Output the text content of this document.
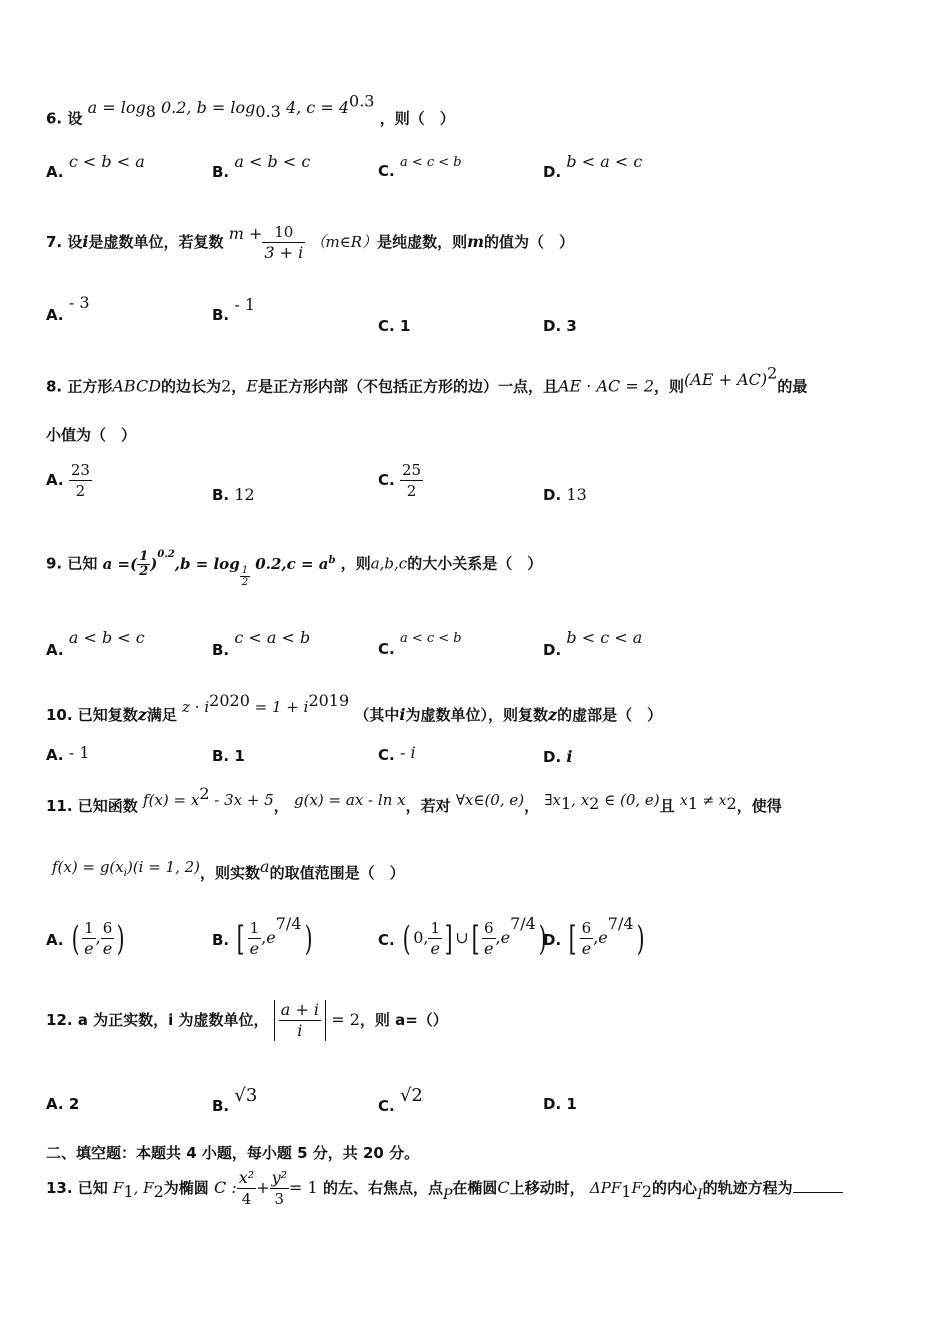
6. 设 $a = \log_8 0.2$, $b = \log_{0.3} 4$, $c = 4^{0.3}$ ，则（　）
A. c < b < a
B. a < b < c	C. a < c < b
D. b < a < c
7. 设i是虚数单位，若复数 $m + \frac{10}{3 + i}$ （m∈R）是纯虚数，则m的值为（　）
A. - 3
B. - 1
C. 1	D. 3
8. 正方形ABCD的边长为2，E是正方形内部（不包括正方形的边）一点，且AE · AC = 2，则(AE + AC)$^2$的最
小值为（　）
A. $\frac{23}{2}$	B. 12
C. $\frac{25}{2}$	D. 13
9. 已知 a =( $\frac{1}{2} )^{0.2},b = \log$
$\frac{1}{2}$
$0.2,c = a^b$ ，则a,b,c的大小关系是（　）
A. a < b < c
B. c < a < b
C. a < c < b
D. b < c < a
10. 已知复数z满足 $z \cdot i^{2020} = 1 + i^{2019}$ （其中i为虚数单位），则复数z的虚部是（　）
A. - 1	B. 1	C. - i	D. i
11. 已知函数 $f(x) = x^2 - 3x + 5$， g(x) = ax - ln x，若对 ∀x∈(0, e)， $\exists x_1$, $x_2$ ∈ (0, e)且 $x_1 \ne x_2$，使得
$f(x) = g(x_i)(i = 1$, 2)，则实数a的取值范围是（　）
A. ( $\frac{1}{e}$ , $\frac{6}{e}$ )	B. [ $\frac{1}{e} ,e^{7/4}$)	C. ( 0, $\frac{1}{e}$ ] ∪[ $\frac{6}{e} ,e^{7/4}$)
D. [ $\frac{6}{e} ,e^{7/4}$)
12. a 为正实数，i 为虚数单位， $\frac{a + i}{i} = 2$，则 a=（）
A. 2	B. √3	C. √2	D. 1
二、填空题：本题共 4 小题，每小题 5 分，共 20 分。
13. 已知 $F_1$, $F_2$为椭圆 C : $\frac{\text{x²}}{4} + \frac{\text{y²}}{3} = 1$ 的左、右焦点，点P在椭圆C上移动时， $\Delta PF_1F_2$的内心I的轨迹方程为
